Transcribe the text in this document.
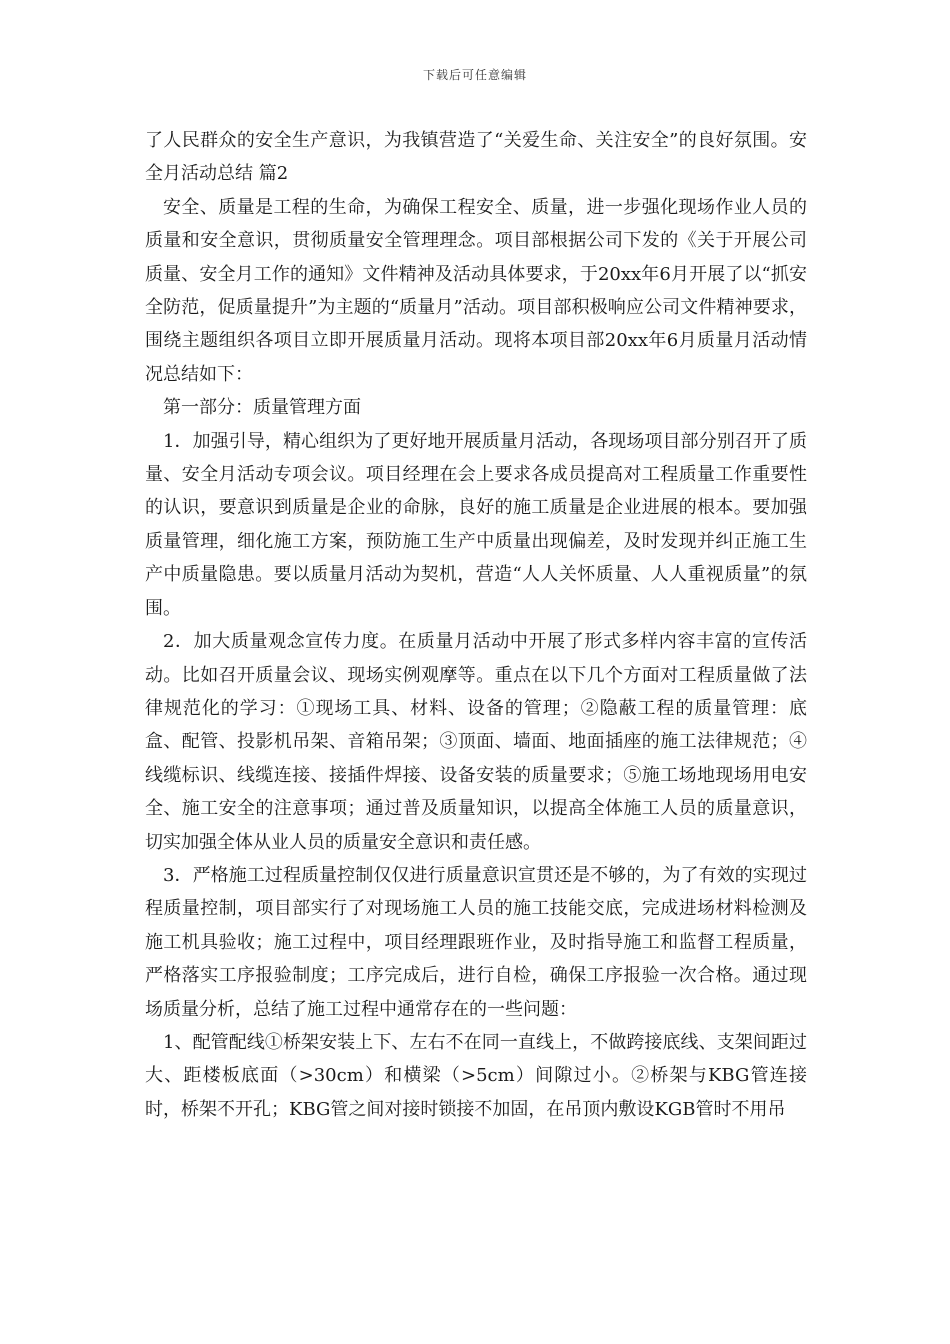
下载后可任意编辑

了人民群众的安全生产意识，为我镇营造了“关爱生命、关注安全”的良好氛围。安全月活动总结 篇2

安全、质量是工程的生命，为确保工程安全、质量，进一步强化现场作业人员的质量和安全意识，贯彻质量安全管理理念。项目部根据公司下发的《关于开展公司质量、安全月工作的通知》文件精神及活动具体要求，于20xx年6月开展了以“抓安全防范，促质量提升”为主题的“质量月”活动。项目部积极响应公司文件精神要求，围绕主题组织各项目立即开展质量月活动。现将本项目部20xx年6月质量月活动情况总结如下：

第一部分：质量管理方面

1．加强引导，精心组织为了更好地开展质量月活动，各现场项目部分别召开了质量、安全月活动专项会议。项目经理在会上要求各成员提高对工程质量工作重要性的认识，要意识到质量是企业的命脉，良好的施工质量是企业进展的根本。要加强质量管理，细化施工方案，预防施工生产中质量出现偏差，及时发现并纠正施工生产中质量隐患。要以质量月活动为契机，营造“人人关怀质量、人人重视质量”的氛围。

2．加大质量观念宣传力度。在质量月活动中开展了形式多样内容丰富的宣传活动。比如召开质量会议、现场实例观摩等。重点在以下几个方面对工程质量做了法律规范化的学习：①现场工具、材料、设备的管理；②隐蔽工程的质量管理：底盒、配管、投影机吊架、音箱吊架；③顶面、墙面、地面插座的施工法律规范；④线缆标识、线缆连接、接插件焊接、设备安装的质量要求；⑤施工场地现场用电安全、施工安全的注意事项；通过普及质量知识，以提高全体施工人员的质量意识，切实加强全体从业人员的质量安全意识和责任感。

3．严格施工过程质量控制仅仅进行质量意识宣贯还是不够的，为了有效的实现过程质量控制，项目部实行了对现场施工人员的施工技能交底，完成进场材料检测及施工机具验收；施工过程中，项目经理跟班作业，及时指导施工和监督工程质量，严格落实工序报验制度；工序完成后，进行自检，确保工序报验一次合格。通过现场质量分析，总结了施工过程中通常存在的一些问题：

1、配管配线①桥架安装上下、左右不在同一直线上，不做跨接底线、支架间距过大、距楼板底面（>30cm）和横梁（>5cm）间隙过小。②桥架与KBG管连接时，桥架不开孔；KBG管之间对接时锁接不加固，在吊顶内敷设KGB管时不用吊
